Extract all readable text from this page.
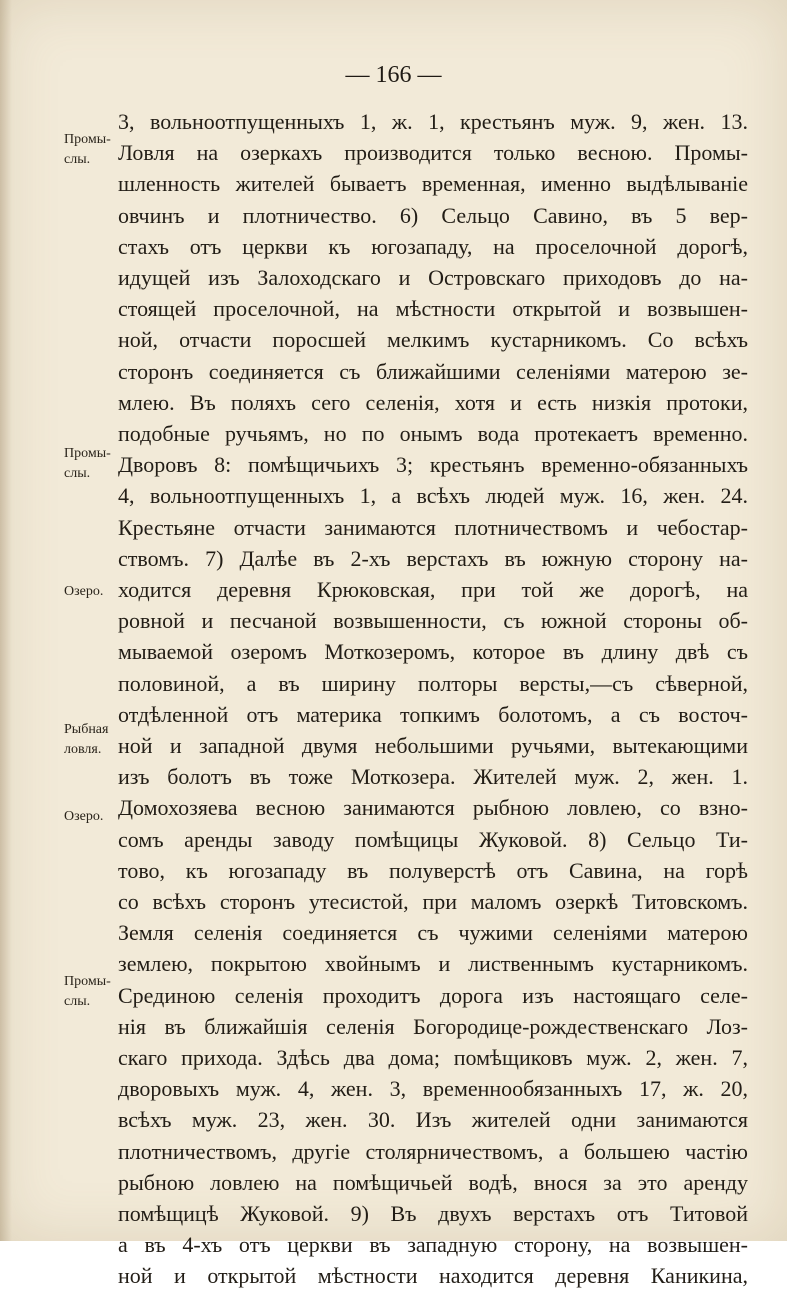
— 166 —
3, вольноотпущенныхъ 1, ж. 1, крестьянъ муж. 9, жен. 13.
Ловля на озеркахъ производится только весною. Промы-
шленность жителей бываетъ временная, именно выдѣлываніе
овчинъ и плотничество. 6) Сельцо Савино, въ 5 вер-
стахъ отъ церкви къ югозападу, на проселочной дорогѣ,
идущей изъ Залоходскаго и Островскаго приходовъ до на-
стоящей проселочной, на мѣстности открытой и возвышен-
ной, отчасти поросшей мелкимъ кустарникомъ. Со всѣхъ
сторонъ соединяется съ ближайшими селеніями матерою зе-
млею. Въ поляхъ сего селенія, хотя и есть низкія протоки,
подобные ручьямъ, но по онымъ вода протекаетъ временно.
Дворовъ 8: помѣщичьихъ 3; крестьянъ временно-обязанныхъ
4, вольноотпущенныхъ 1, а всѣхъ людей муж. 16, жен. 24.
Крестьяне отчасти занимаются плотничествомъ и чебостар-
ствомъ. 7) Далѣе въ 2-хъ верстахъ въ южную сторону на-
ходится деревня Крюковская, при той же дорогѣ, на
ровной и песчаной возвышенности, съ южной стороны об-
мываемой озеромъ Моткозеромъ, которое въ длину двѣ съ
половиной, а въ ширину полторы версты,—съ сѣверной,
отдѣленной отъ материка топкимъ болотомъ, а съ восточ-
ной и западной двумя небольшими ручьями, вытекающими
изъ болотъ въ тоже Моткозера. Жителей муж. 2, жен. 1.
Домохозяева весною занимаются рыбною ловлею, со взно-
сомъ аренды заводу помѣщицы Жуковой. 8) Сельцо Ти-
тово, къ югозападу въ полуверстѣ отъ Савина, на горѣ
со всѣхъ сторонъ утесистой, при маломъ озеркѣ Титовскомъ.
Земля селенія соединяется съ чужими селеніями матерою
землею, покрытою хвойнымъ и лиственнымъ кустарникомъ.
Срединою селенія проходитъ дорога изъ настоящаго селе-
нія въ ближайшія селенія Богородице-рождественскаго Лоз-
скаго прихода. Здѣсь два дома; помѣщиковъ муж. 2, жен. 7,
дворовыхъ муж. 4, жен. 3, временнообязанныхъ 17, ж. 20,
всѣхъ муж. 23, жен. 30. Изъ жителей одни занимаются
плотничествомъ, другіе столярничествомъ, а большею частію
рыбною ловлею на помѣщичьей водѣ, внося за это аренду
помѣщицѣ Жуковой. 9) Въ двухъ верстахъ отъ Титовой
а въ 4-хъ отъ церкви въ западную сторону, на возвышен-
ной и открытой мѣстности находится деревня Каникина,
Промы-
слы.
Промы-
слы.
Озеро.
Рыбная
ловля.
Озеро.
Промы-
слы.
